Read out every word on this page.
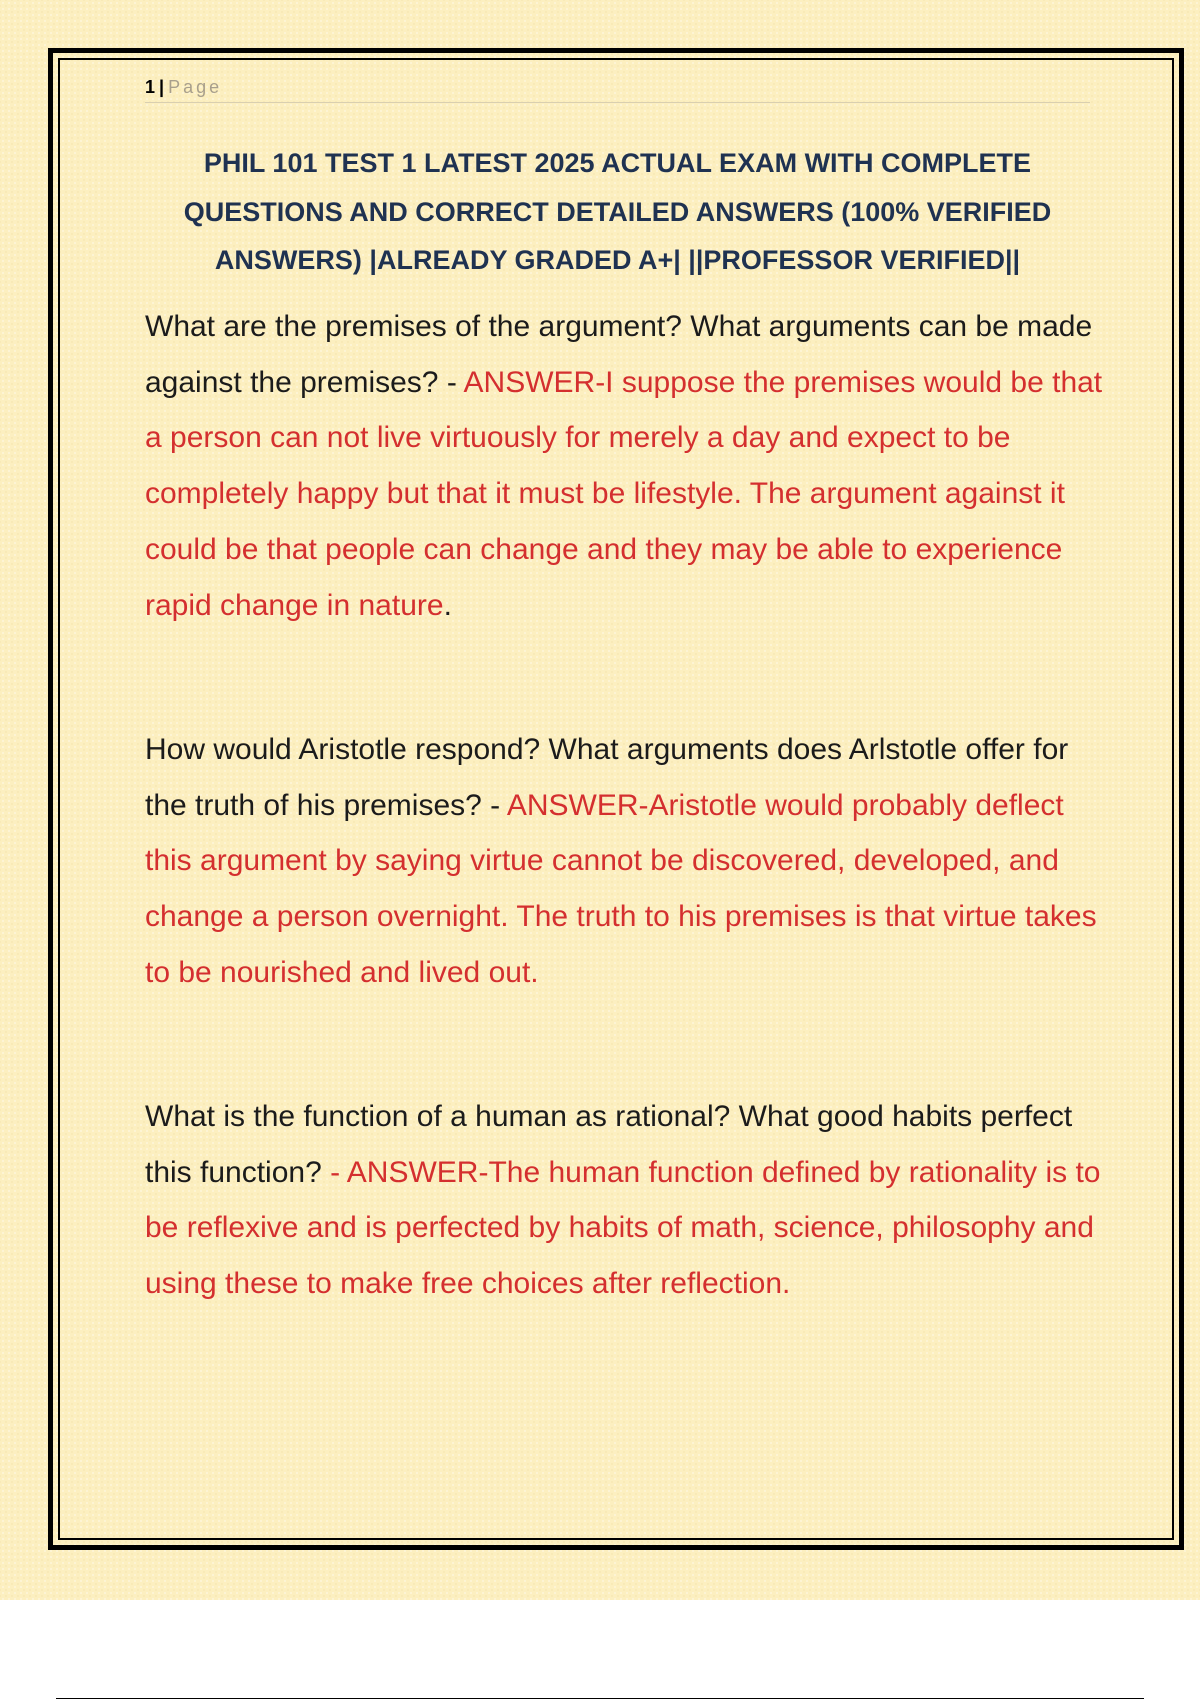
1 | Page

PHIL 101 TEST 1 LATEST 2025 ACTUAL EXAM WITH COMPLETE QUESTIONS AND CORRECT DETAILED ANSWERS (100% VERIFIED ANSWERS) |ALREADY GRADED A+| ||PROFESSOR VERIFIED||

What are the premises of the argument? What arguments can be made against the premises? - ANSWER-I suppose the premises would be that a person can not live virtuously for merely a day and expect to be completely happy but that it must be lifestyle. The argument against it could be that people can change and they may be able to experience rapid change in nature.

How would Aristotle respond? What arguments does Arlstotle offer for the truth of his premises? - ANSWER-Aristotle would probably deflect this argument by saying virtue cannot be discovered, developed, and change a person overnight. The truth to his premises is that virtue takes to be nourished and lived out.

What is the function of a human as rational? What good habits perfect this function? - ANSWER-The human function defined by rationality is to be reflexive and is perfected by habits of math, science, philosophy and using these to make free choices after reflection.
